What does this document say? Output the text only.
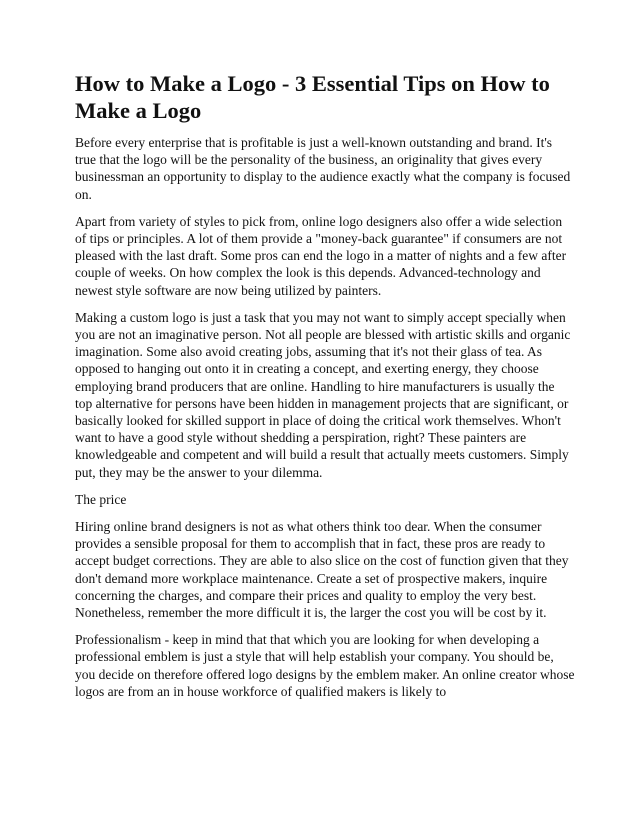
How to Make a Logo - 3 Essential Tips on How to Make a Logo

Before every enterprise that is profitable is just a well-known outstanding and brand. It's true that the logo will be the personality of the business, an originality that gives every businessman an opportunity to display to the audience exactly what the company is focused on.

Apart from variety of styles to pick from, online logo designers also offer a wide selection of tips or principles. A lot of them provide a "money-back guarantee" if consumers are not pleased with the last draft. Some pros can end the logo in a matter of nights and a few after couple of weeks. On how complex the look is this depends. Advanced-technology and newest style software are now being utilized by painters.

Making a custom logo is just a task that you may not want to simply accept specially when you are not an imaginative person. Not all people are blessed with artistic skills and organic imagination. Some also avoid creating jobs, assuming that it's not their glass of tea. As opposed to hanging out onto it in creating a concept, and exerting energy, they choose employing brand producers that are online. Handling to hire manufacturers is usually the top alternative for persons have been hidden in management projects that are significant, or basically looked for skilled support in place of doing the critical work themselves. Whon't want to have a good style without shedding a perspiration, right? These painters are knowledgeable and competent and will build a result that actually meets customers. Simply put, they may be the answer to your dilemma.

The price

Hiring online brand designers is not as what others think too dear. When the consumer provides a sensible proposal for them to accomplish that in fact, these pros are ready to accept budget corrections. They are able to also slice on the cost of function given that they don't demand more workplace maintenance. Create a set of prospective makers, inquire concerning the charges, and compare their prices and quality to employ the very best. Nonetheless, remember the more difficult it is, the larger the cost you will be cost by it.

Professionalism - keep in mind that that which you are looking for when developing a professional emblem is just a style that will help establish your company. You should be, you decide on therefore offered logo designs by the emblem maker. An online creator whose logos are from an in house workforce of qualified makers is likely to
